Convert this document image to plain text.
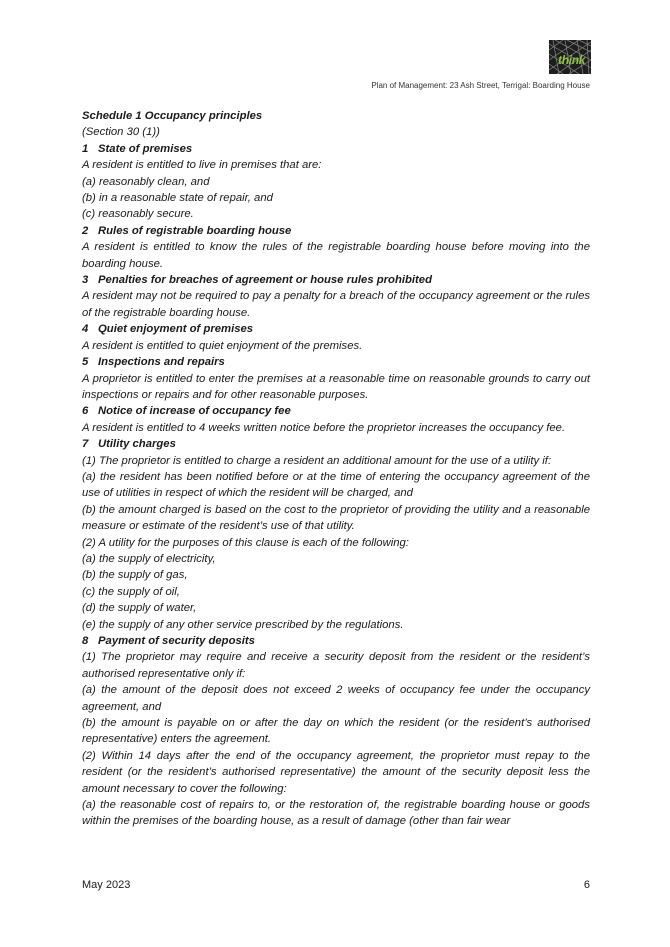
think
Plan of Management: 23 Ash Street, Terrigal: Boarding House

Schedule 1 Occupancy principles

(Section 30 (1))

1 State of premises

A resident is entitled to live in premises that are:

(a) reasonably clean, and

(b) in a reasonable state of repair, and

(c) reasonably secure.

2 Rules of registrable boarding house

A resident is entitled to know the rules of the registrable boarding house before moving into the boarding house.

3 Penalties for breaches of agreement or house rules prohibited

A resident may not be required to pay a penalty for a breach of the occupancy agreement or the rules of the registrable boarding house.

4 Quiet enjoyment of premises

A resident is entitled to quiet enjoyment of the premises.

5 Inspections and repairs

A proprietor is entitled to enter the premises at a reasonable time on reasonable grounds to carry out inspections or repairs and for other reasonable purposes.

6 Notice of increase of occupancy fee

A resident is entitled to 4 weeks written notice before the proprietor increases the occupancy fee.

7 Utility charges

(1) The proprietor is entitled to charge a resident an additional amount for the use of a utility if:

(a) the resident has been notified before or at the time of entering the occupancy agreement of the use of utilities in respect of which the resident will be charged, and

(b) the amount charged is based on the cost to the proprietor of providing the utility and a reasonable measure or estimate of the resident’s use of that utility.

(2) A utility for the purposes of this clause is each of the following:

(a) the supply of electricity,

(b) the supply of gas,

(c) the supply of oil,

(d) the supply of water,

(e) the supply of any other service prescribed by the regulations.

8 Payment of security deposits

(1) The proprietor may require and receive a security deposit from the resident or the resident’s authorised representative only if:

(a) the amount of the deposit does not exceed 2 weeks of occupancy fee under the occupancy agreement, and

(b) the amount is payable on or after the day on which the resident (or the resident’s authorised representative) enters the agreement.

(2) Within 14 days after the end of the occupancy agreement, the proprietor must repay to the resident (or the resident’s authorised representative) the amount of the security deposit less the amount necessary to cover the following:

(a) the reasonable cost of repairs to, or the restoration of, the registrable boarding house or goods within the premises of the boarding house, as a result of damage (other than fair wear

May 2023	6
